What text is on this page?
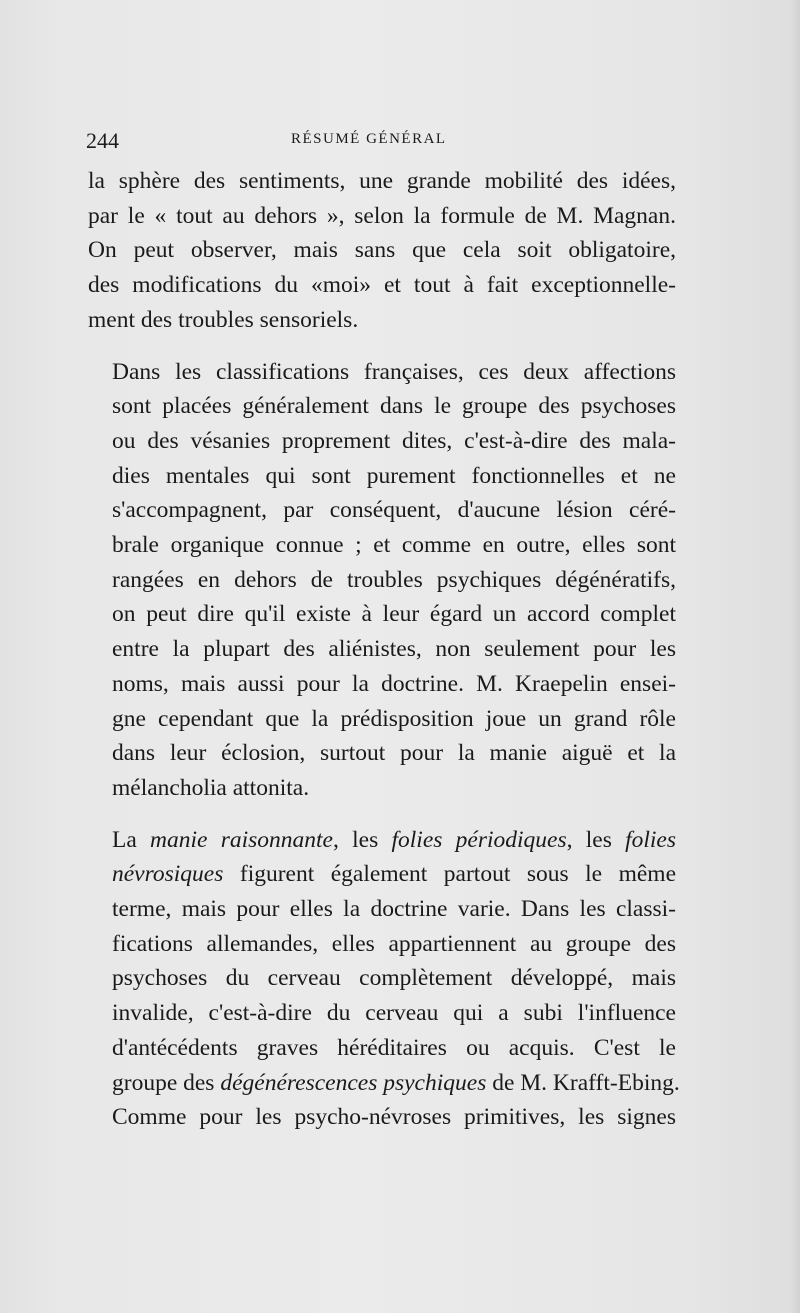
244	RÉSUMÉ GÉNÉRAL

la sphère des sentiments, une grande mobilité des idées,
par le « tout au dehors », selon la formule de M. Magnan.
On peut observer, mais sans que cela soit obligatoire,
des modifications du «moi» et tout à fait exceptionnelle-
ment des troubles sensoriels.

Dans les classifications françaises, ces deux affections
sont placées généralement dans le groupe des psychoses
ou des vésanies proprement dites, c'est-à-dire des mala-
dies mentales qui sont purement fonctionnelles et ne
s'accompagnent, par conséquent, d'aucune lésion céré-
brale organique connue ; et comme en outre, elles sont
rangées en dehors de troubles psychiques dégénératifs,
on peut dire qu'il existe à leur égard un accord complet
entre la plupart des aliénistes, non seulement pour les
noms, mais aussi pour la doctrine. M. Kraepelin ensei-
gne cependant que la prédisposition joue un grand rôle
dans leur éclosion, surtout pour la manie aiguë et la
mélancholia attonita.

La manie raisonnante, les folies périodiques, les folies
névrosiques figurent également partout sous le même
terme, mais pour elles la doctrine varie. Dans les classi-
fications allemandes, elles appartiennent au groupe des
psychoses du cerveau complètement développé, mais
invalide, c'est-à-dire du cerveau qui a subi l'influence
d'antécédents graves héréditaires ou acquis. C'est le
groupe des dégénérescences psychiques de M. Krafft-Ebing.
Comme pour les psycho-névroses primitives, les signes
